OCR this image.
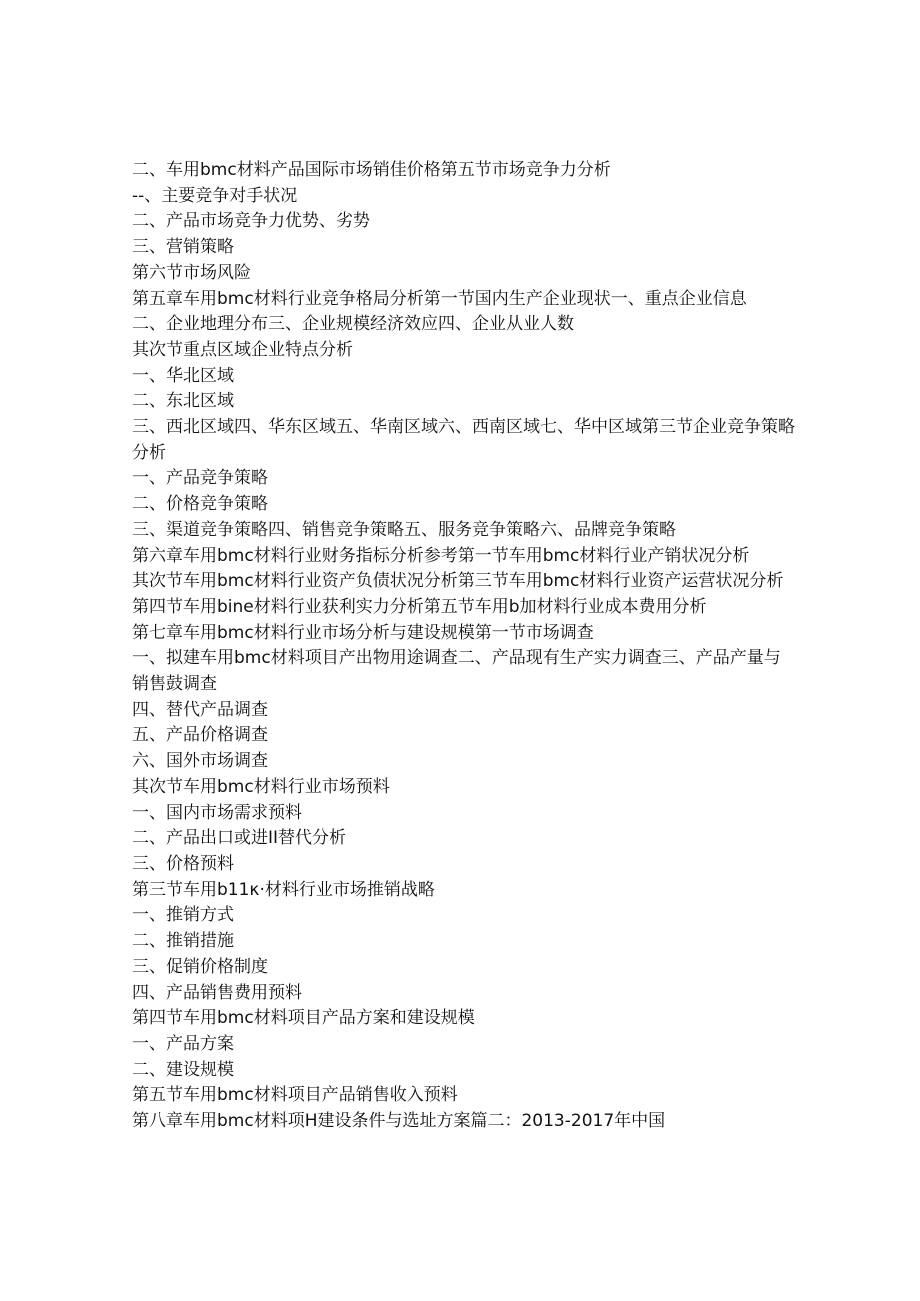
二、车用bmc材料产品国际市场销佳价格第五节市场竞争力分析
--、主要竞争对手状况
二、产品市场竞争力优势、劣势
三、营销策略
第六节市场风险
第五章车用bmc材料行业竞争格局分析第一节国内生产企业现状一、重点企业信息
二、企业地理分布三、企业规模经济效应四、企业从业人数
其次节重点区域企业特点分析
一、华北区域
二、东北区域
三、西北区域四、华东区域五、华南区域六、西南区域七、华中区域第三节企业竞争策略分析
一、产品竞争策略
二、价格竞争策略
三、渠道竞争策略四、销售竞争策略五、服务竞争策略六、品牌竞争策略
第六章车用bmc材料行业财务指标分析参考第一节车用bmc材料行业产销状况分析
其次节车用bmc材料行业资产负债状况分析第三节车用bmc材料行业资产运营状况分析第四节车用bine材料行业获利实力分析第五节车用b加材料行业成本费用分析
第七章车用bmc材料行业市场分析与建设规模第一节市场调查
一、拟建车用bmc材料项目产出物用途调查二、产品现有生产实力调查三、产品产量与销售鼓调查
四、替代产品调查
五、产品价格调查
六、国外市场调查
其次节车用bmc材料行业市场预料
一、国内市场需求预料
二、产品出口或进II替代分析
三、价格预料
第三节车用b11κ·材料行业市场推销战略
一、推销方式
二、推销措施
三、促销价格制度
四、产品销售费用预料
第四节车用bmc材料项目产品方案和建设规模
一、产品方案
二、建设规模
第五节车用bmc材料项目产品销售收入预料
第八章车用bmc材料项H建设条件与选址方案篇二：2013-2017年中国
